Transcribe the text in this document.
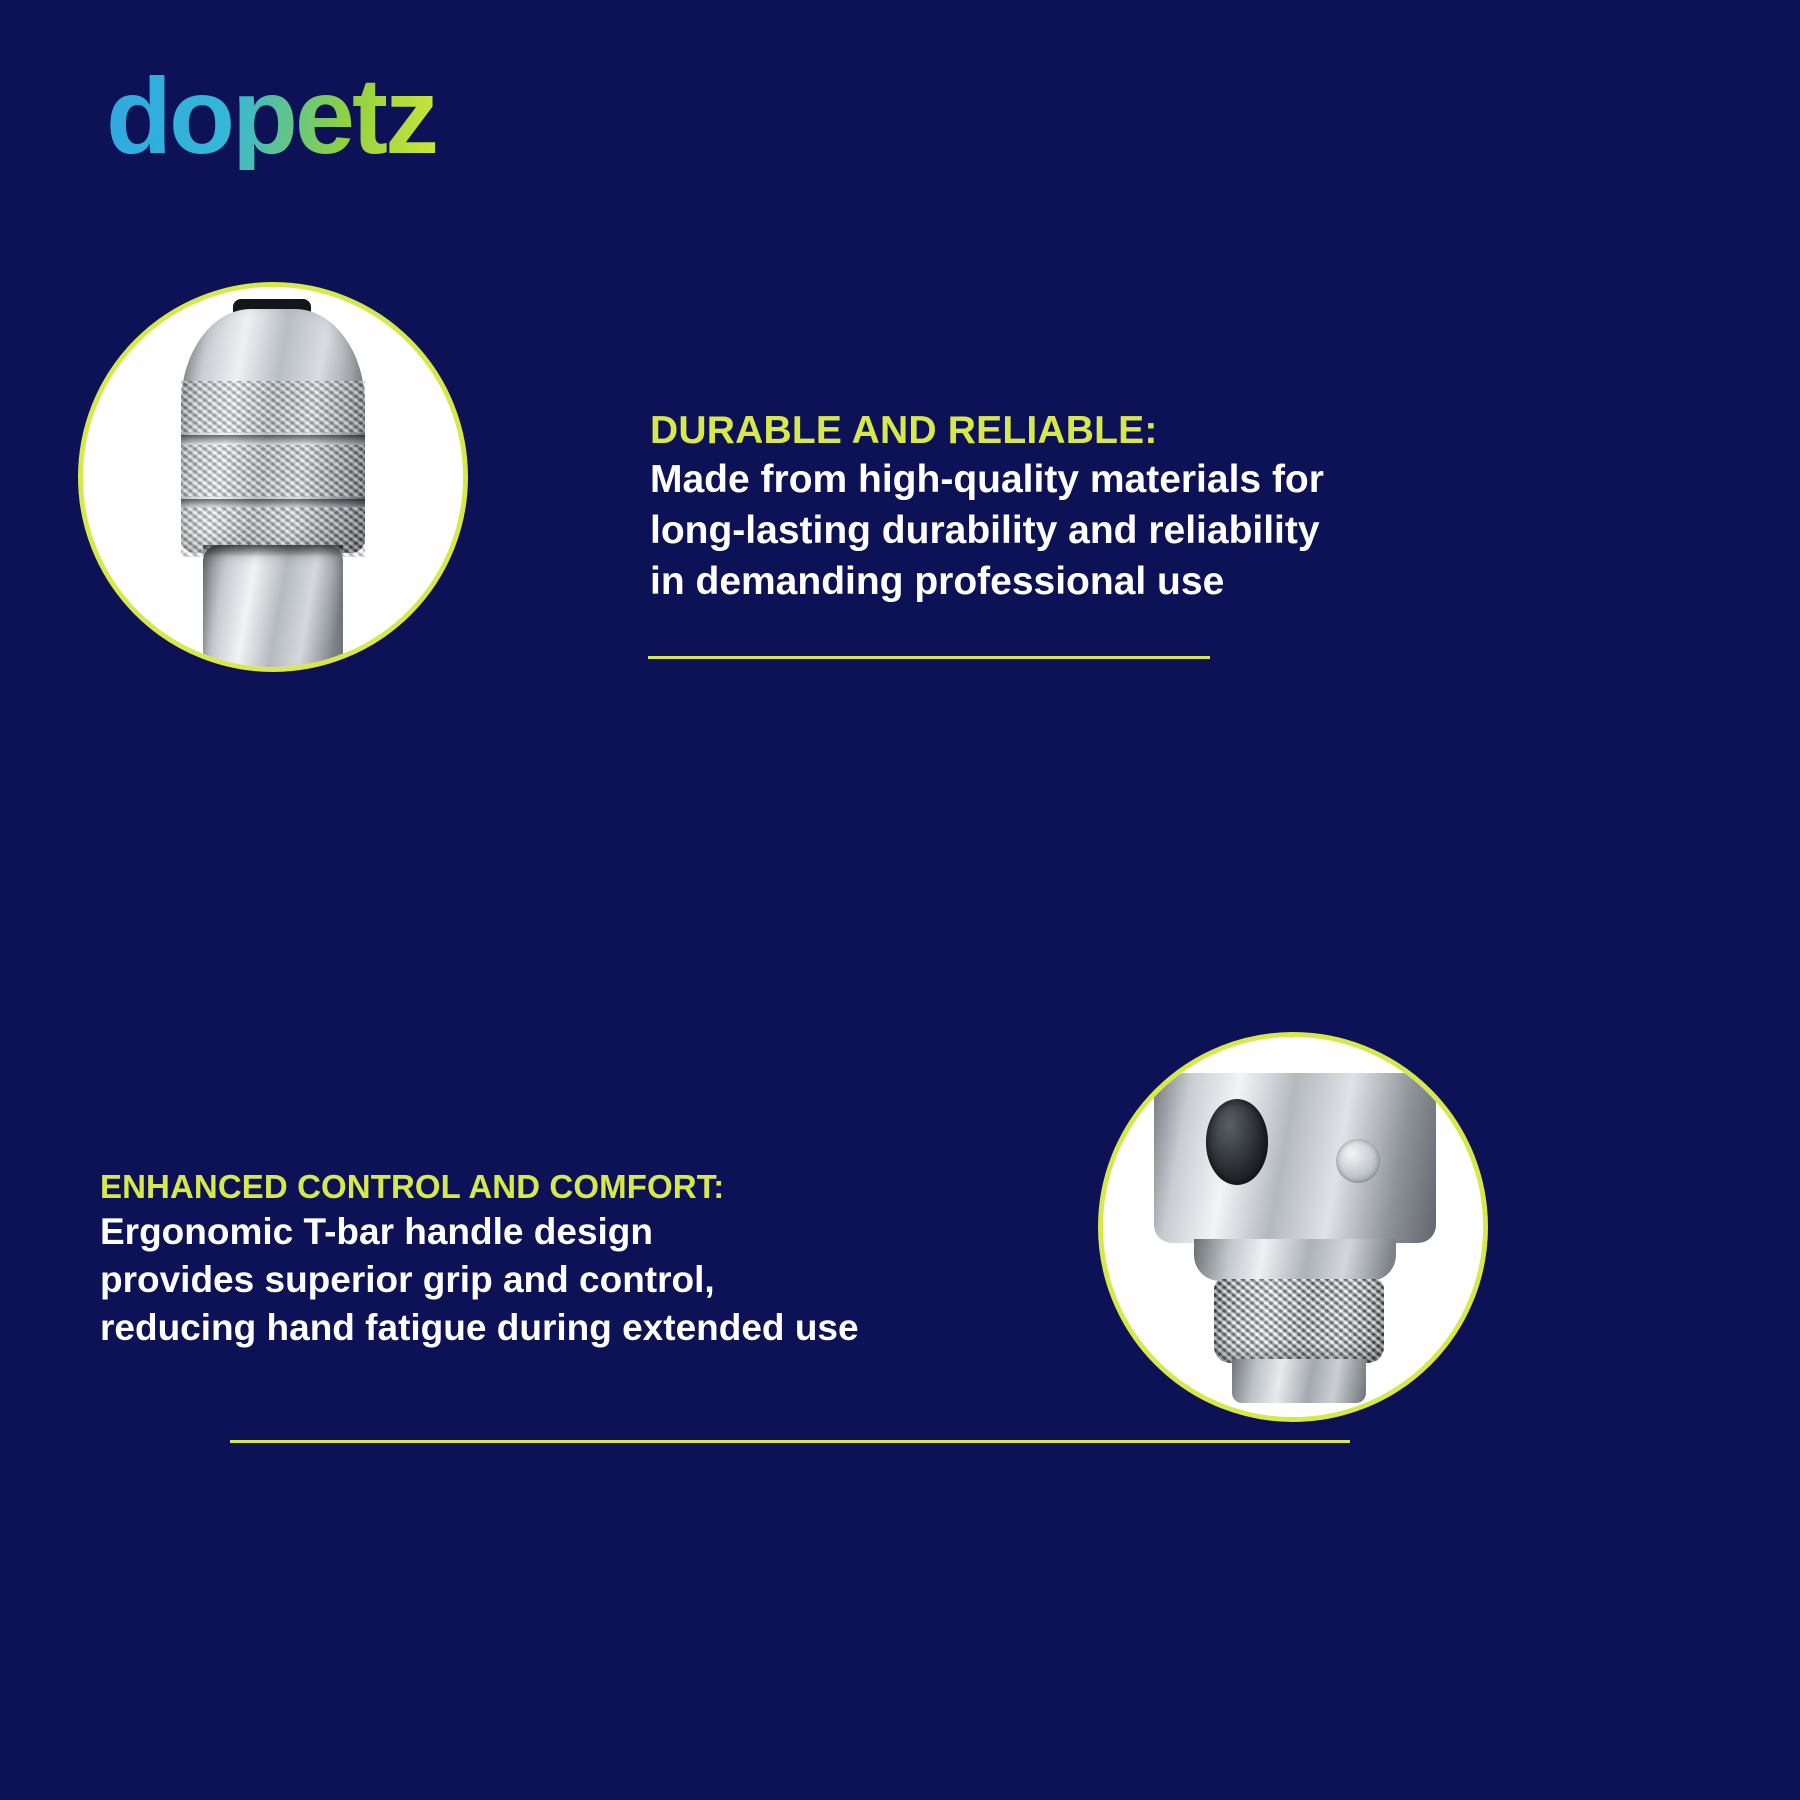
dopetz

DURABLE AND RELIABLE:

Made from high-quality materials for

long-lasting durability and reliability

in demanding professional use

ENHANCED CONTROL AND COMFORT:

Ergonomic T-bar handle design

provides superior grip and control,

reducing hand fatigue during extended use
